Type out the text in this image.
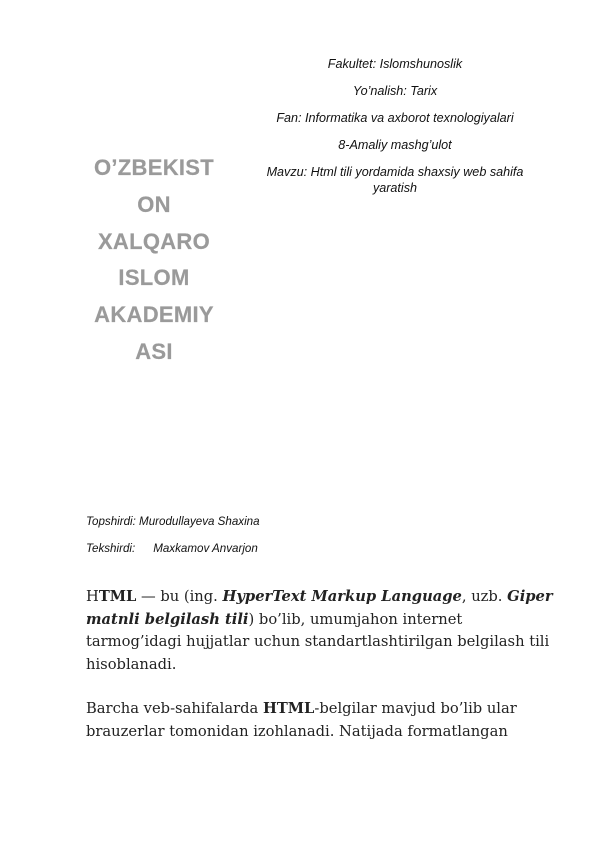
Fakultet: Islomshunoslik
Yo’nalish: Tarix
Fan: Informatika va axborot texnologiyalari
8-Amaliy mashg’ulot
Mavzu: Html tili yordamida shaxsiy web sahifa
yaratish
O’ZBEKIST
ON
XALQARO
ISLOM
AKADEMIY
ASI
Topshirdi: Murodullayeva Shaxina
Tekshirdi: Maxkamov Anvarjon

HTML — bu (ing. HyperText Markup Language, uzb. Giper matnli belgilash tili) bo’lib, umumjahon internet tarmog’idagi hujjatlar uchun standartlashtirilgan belgilash tili hisoblanadi.

Barcha veb-sahifalarda HTML-belgilar mavjud bo’lib ular brauzerlar tomonidan izohlanadi. Natijada formatlangan
